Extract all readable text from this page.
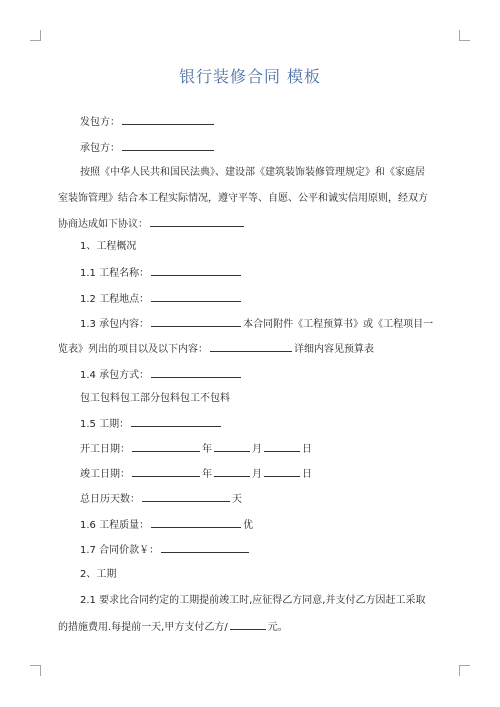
银行装修合同 模板
发包方：
承包方：
按照《中华人民共和国民法典》、建设部《建筑装饰装修管理规定》和《家庭居
室装饰管理》结合本工程实际情况，遵守平等、自愿、公平和诚实信用原则，经双方
协商达成如下协议：
1、工程概况
1.1 工程名称：
1.2 工程地点：
1.3 承包内容：	本合同附件《工程预算书》或《工程项目一
览表》列出的项目以及以下内容：	详细内容见预算表
1.4 承包方式：
包工包料包工部分包料包工不包料
1.5 工期：
开工日期：	年	月	日
竣工日期：	年	月	日
总日历天数：	天
1.6 工程质量：	优
1.7 合同价款￥：
2、工期
2.1 要求比合同约定的工期提前竣工时,应征得乙方同意,并支付乙方因赶工采取
的措施费用.每提前一天,甲方支付乙方/	元。
